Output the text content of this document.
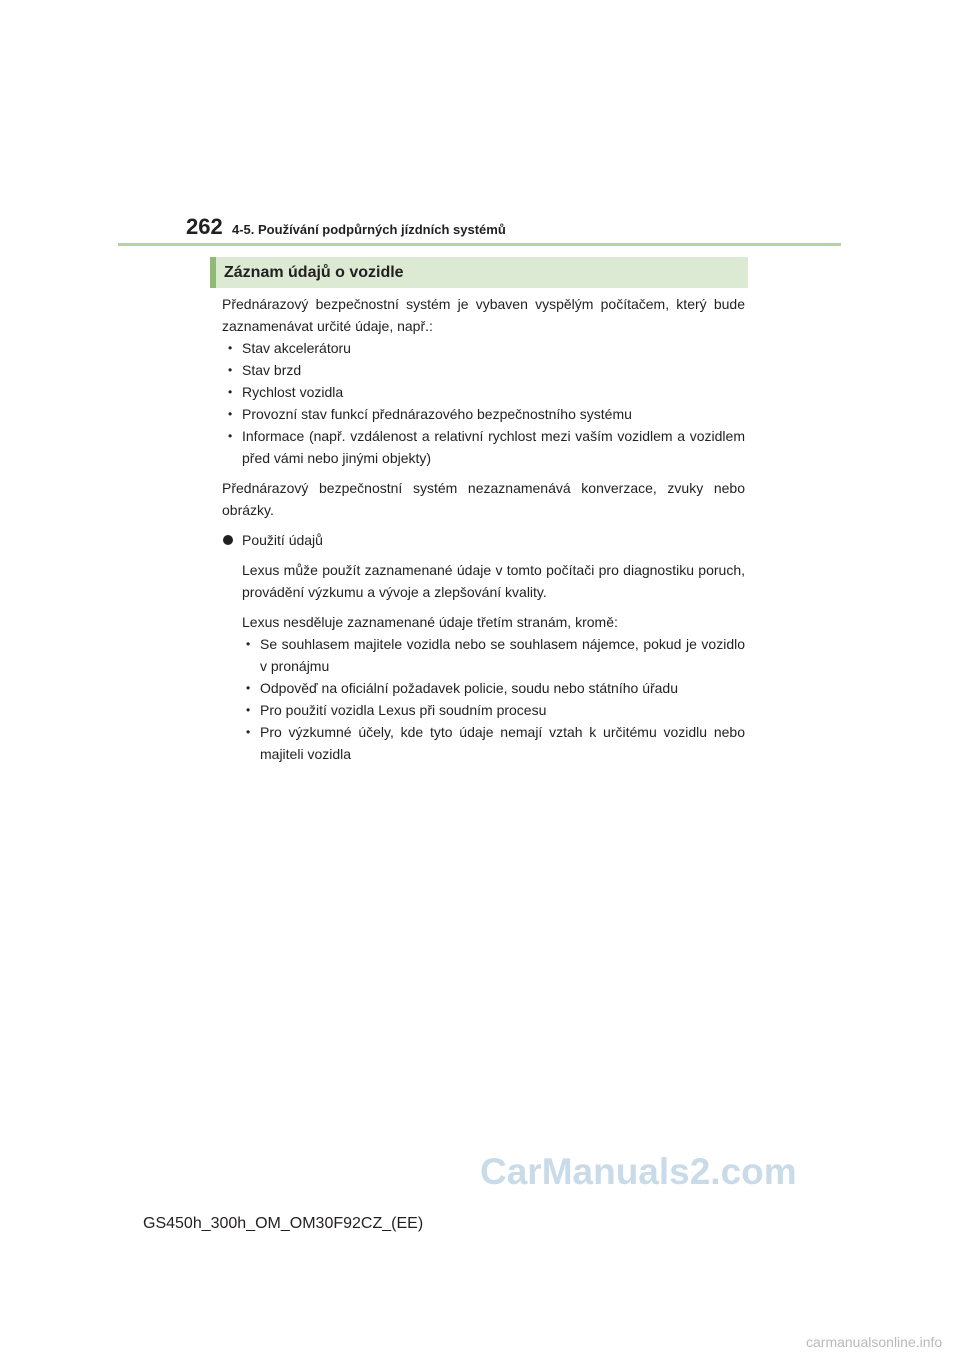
262 4-5. Používání podpůrných jízdních systémů
Záznam údajů o vozidle

Přednárazový bezpečnostní systém je vybaven vyspělým počítačem, který bude zaznamenávat určité údaje, např.:

• Stav akcelerátoru
• Stav brzd
• Rychlost vozidla
• Provozní stav funkcí přednárazového bezpečnostního systému
• Informace (např. vzdálenost a relativní rychlost mezi vaším vozidlem a vozidlem před vámi nebo jinými objekty)

Přednárazový bezpečnostní systém nezaznamenává konverzace, zvuky nebo obrázky.

Použití údajů

Lexus může použít zaznamenané údaje v tomto počítači pro diagnostiku poruch, provádění výzkumu a vývoje a zlepšování kvality.

Lexus nesděluje zaznamenané údaje třetím stranám, kromě:

• Se souhlasem majitele vozidla nebo se souhlasem nájemce, pokud je vozidlo v pronájmu
• Odpověď na oficiální požadavek policie, soudu nebo státního úřadu
• Pro použití vozidla Lexus při soudním procesu
• Pro výzkumné účely, kde tyto údaje nemají vztah k určitému vozidlu nebo majiteli vozidla
CarManuals2.com
GS450h_300h_OM_OM30F92CZ_(EE)
carmanualsonline.info
